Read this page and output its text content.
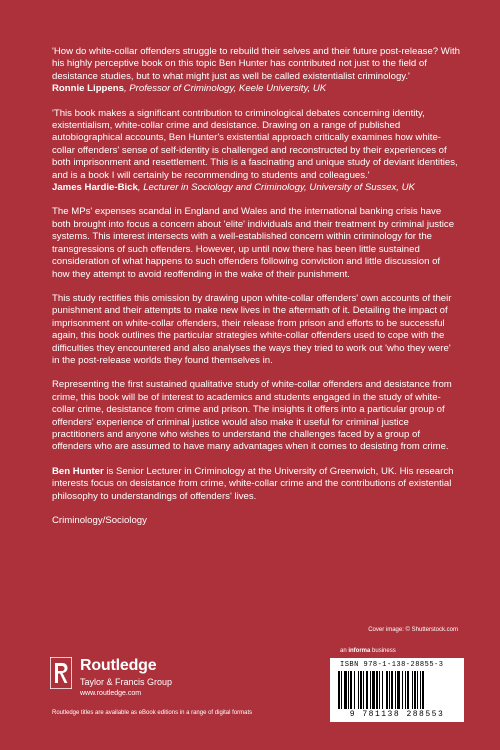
'How do white-collar offenders struggle to rebuild their selves and their future post-release? With his highly perceptive book on this topic Ben Hunter has contributed not just to the field of desistance studies, but to what might just as well be called existentialist criminology.'
Ronnie Lippens, Professor of Criminology, Keele University, UK

'This book makes a significant contribution to criminological debates concerning identity, existentialism, white-collar crime and desistance. Drawing on a range of published autobiographical accounts, Ben Hunter's existential approach critically examines how white-collar offenders' sense of self-identity is challenged and reconstructed by their experiences of both imprisonment and resettlement. This is a fascinating and unique study of deviant identities, and is a book I will certainly be recommending to students and colleagues.'
James Hardie-Bick, Lecturer in Sociology and Criminology, University of Sussex, UK

The MPs' expenses scandal in England and Wales and the international banking crisis have both brought into focus a concern about 'elite' individuals and their treatment by criminal justice systems. This interest intersects with a well-established concern within criminology for the transgressions of such offenders. However, up until now there has been little sustained consideration of what happens to such offenders following conviction and little discussion of how they attempt to avoid reoffending in the wake of their punishment.

This study rectifies this omission by drawing upon white-collar offenders' own accounts of their punishment and their attempts to make new lives in the aftermath of it. Detailing the impact of imprisonment on white-collar offenders, their release from prison and efforts to be successful again, this book outlines the particular strategies white-collar offenders used to cope with the difficulties they encountered and also analyses the ways they tried to work out 'who they were' in the post-release worlds they found themselves in.

Representing the first sustained qualitative study of white-collar offenders and desistance from crime, this book will be of interest to academics and students engaged in the study of white-collar crime, desistance from crime and prison. The insights it offers into a particular group of offenders' experience of criminal justice would also make it useful for criminal justice practitioners and anyone who wishes to understand the challenges faced by a group of offenders who are assumed to have many advantages when it comes to desisting from crime.

Ben Hunter is Senior Lecturer in Criminology at the University of Greenwich, UK. His research interests focus on desistance from crime, white-collar crime and the contributions of existential philosophy to understandings of offenders' lives.

Criminology/Sociology

Cover image: © Shutterstock.com
an informa business
Routledge
Taylor & Francis Group
www.routledge.com
Routledge titles are available as eBook editions in a range of digital formats
ISBN 978-1-138-28855-3
9 781138 288553
